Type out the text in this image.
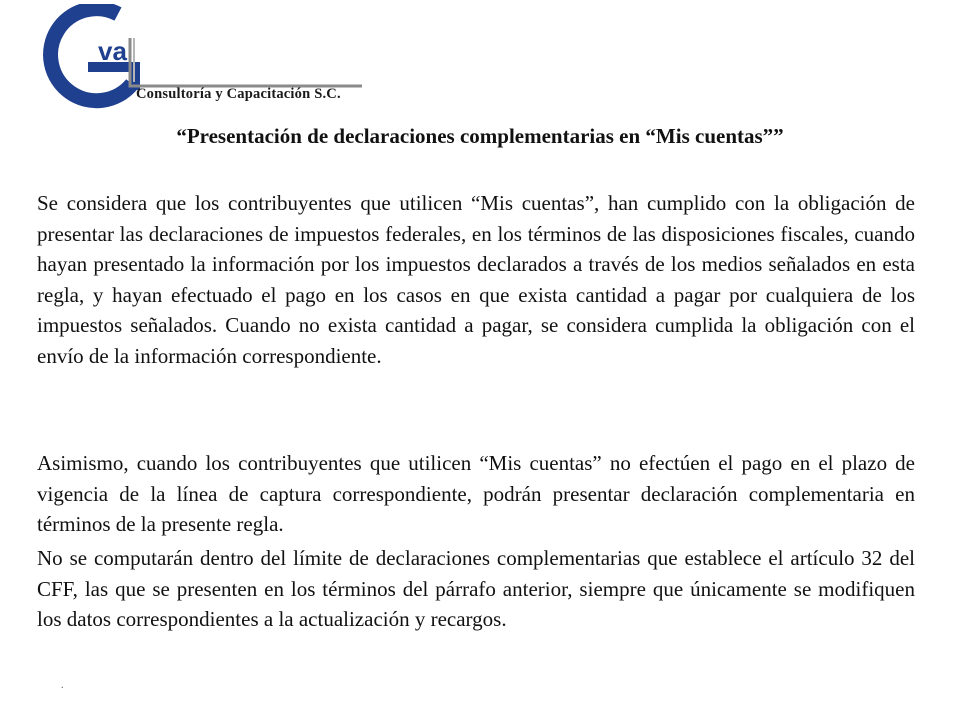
va
Consultoría y Capacitación S.C.
“Presentación de declaraciones complementarias en “Mis cuentas””
Se considera que los contribuyentes que utilicen “Mis cuentas”, han cumplido con la obligación de presentar las declaraciones de impuestos federales, en los términos de las disposiciones fiscales, cuando hayan presentado la información por los impuestos declarados a través de los medios señalados en esta regla, y hayan efectuado el pago en los casos en que exista cantidad a pagar por cualquiera de los impuestos señalados. Cuando no exista cantidad a pagar, se considera cumplida la obligación con el envío de la información correspondiente.
Asimismo, cuando los contribuyentes que utilicen “Mis cuentas” no efectúen el pago en el plazo de vigencia de la línea de captura correspondiente, podrán presentar declaración complementaria en términos de la presente regla.
No se computarán dentro del límite de declaraciones complementarias que establece el artículo 32 del CFF, las que se presenten en los términos del párrafo anterior, siempre que únicamente se modifiquen los datos correspondientes a la actualización y recargos.
.
